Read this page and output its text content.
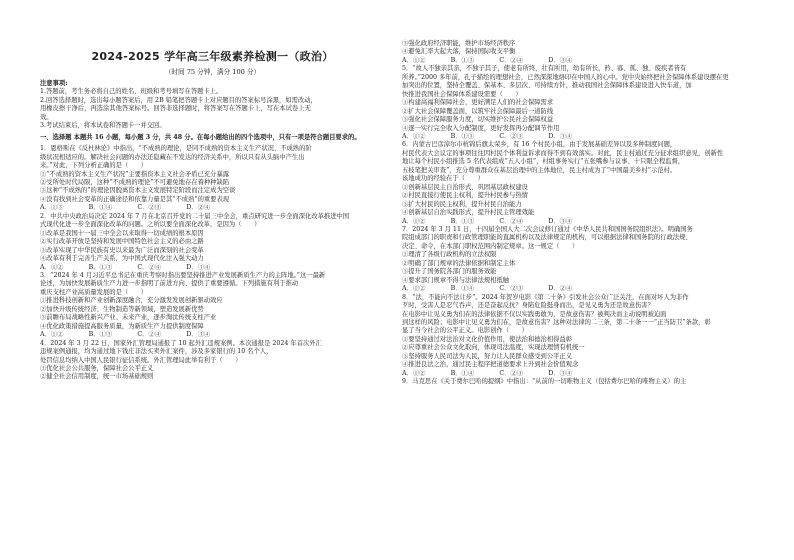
2024-2025 学年高三年级素养检测一（政治）
（时间 75 分钟，满分 100 分）

注意事项:

1.答题前，考生务必将自己的姓名、班级和考号填写在答题卡上。

2.回答选择题时，选出每小题答案后，用 2B 铅笔把答题卡上对应题目的答案标号涂黑，如需改动，

用橡皮擦干净后，再选涂其他答案标号。回答非选择题时，将答案写在答题卡上，写在本试卷上无

效。

3.考试结束后，将本试卷和答题卡一并交回。

一、选择题 本题共 16 小题，每小题 3 分，共 48 分。在每小题给出的四个选项中，只有一项是符合题目要求的。

1．恩格斯在《反杜林论》中指出，“不成熟的理论，是同不成熟的资本主义生产状况、不成熟的阶

级状况相适应的。解决社会问题的办法还隐藏在不发达的经济关系中，所以只有从头脑中产生出

来。”对此，下列分析正确的是（　　）

①“不成熟的资本主义生产状况”主要指资本主义社会矛盾已充分暴露

②受所处时代局限，这种“不成熟的理论”不可避免地存在着种种缺陷

③这种“不成熟的”的理论因脱离资本主义发展特定阶段而注定成为空谈

④没有找到社会变革的正确途径和依靠力量是其“不成熟”的重要表现

A．①③　　　　B．①④　　　　C．②③　　　　D．②④

2．中共中央政治局决定 2024 年 7 月在北京召开党的二十届三中全会，重点研究进一步全面深化改革推进中国

式现代化进一步全面深化改革的问题。之所以要全面深化改革，是因为（　　）

①改革是我国十一届三中全会以来取得一切成绩的根本原因

②实行改革开放是坚持和发展中国特色社会主义的必由之路

③改革实现了中华民族有史以来最为广泛而深刻的社会变革

④改革有利于完善生产关系，为中国式现代化注入强大动力

A．①②　　　　B．①③　　　　C．②④　　　　D．③④

3．“2024 年 4 月习近平总书记在重庆考察时指出要坚持推进产业发展新质生产力的主阵地。”这一最新

论述，为加快发展新质生产力进一步指明了前进方向、提供了重要遵循。下列措施有利于推动

重庆支柱产业高质量发展的是（　　）

①推进科技创新和产业创新深度融合，充分激发发展创新驱动效应

②加快升级传统经济、生物制造等新领域，塑造发展新优势

③前瞻布局战略性新兴产业、未来产业，逐步淘汰传统支柱产业

④优化政策措施提高服务质量，为新质生产力提供制度保障

A．①②　　　　B．①③　　　　C．②④　　　　D．③④

4．2024 年 3 月 22 日，国家外汇管理局通报了 10 起外汇违规案例。本次通报是 2024 年首次外汇

违规案例通报，均为通过地下钱庄非法买卖外汇案件，涉及多家银行的 10 名个人，

处罚信息均纳入中国人民银行征信系统。外汇管理局此举有利于（　　）

①优化社会公共服务，保障社会公平正义

②健全社会信用制度，统一市场基础规则

③强化政府经济职能，维护市场经济秩序

④避免汇率大起大落，保持国际收支平衡

A．①②　　　　B．①③　　　　C．②④　　　　D．③④

5．“故人不独亲其亲，不独子其子，使老有所终，壮有所用，幼有所长，矜、寡、孤、独、废疾者皆有

所养。”2000 多年前，孔子描绘的理想社会，已然深深地烙印在中国人的心中。党中央始终把社会保障体系建设摆在更

加突出的位置，坚持全覆盖、保基本、多层次、可持续方针，推动我国社会保障体系建设进入快车道，加

快推进我国社会保障体系建设需要（　　）

①构建高福利保障社会，更好满足人们的社会保障需求

②扩大社会保障覆盖面，以筑牢社会保障最后一道防线

③强化社会保障服务力度，切实维护公民社会保障权益

④逐一实行完全收入分配制度，更好发挥再分配调节作用

A．①②　　　　B．①③　　　　C．②③　　　　D．③④

6．内蒙古巴彦淖尔市杭锦后旗太荣乡，有 16 个村民小组，由于发展基础差异以及多种制度问题，

村民代表大会议定的事项往往因村民个体利益诉求而得不到有效落实。对此，民主村通过充分征求组织意见，创新性

地让每个村民小组推选 5 名代表组成“五人小组”，村组事务实行“五张嘴参与议事、十只眼全程监督，

五枝笔把关审查”，充分尊重群众在基层治理中的主体地位，民主村成为了“中国最美乡村”示范村。

该地成功的经验在于（　　）

①创新基层民主自治形式，巩固基层政权建设

②村民直接行使民主权利，提升村民参与热情

③扩大村民的民主权利，提升村民自治能力

④创新基层自治实践形式，提升村民主管理效能

A．①②　　　　B．①③　　　　C．②④　　　　D．③④

7．2024 年 3 月 11 日，十四届全国人大二次会议修订通过《中华人民共和国国务院组织法》。明确国务

院组成部门的职责和行政管理职能的直属机构以及法律规定的机构，可以根据法律和国务院的行政法规、

决定、命令，在本部门职权范围内制定规章。这一规定（　　）

①理清了各级行政机构的立法权限

②明确了部门规章的法律依据和制定主体

③提升了国务院各部门的服务效能

④要求部门规章不得与法律法规相抵触

A．①②　　　　B．①④　　　　C．②③　　　　D．②④

8．“法，不能向不法让步”。2024 年贺岁电影《第二十条》引发社会公众广泛关注，在面对坏人为非作

歹时，受害人是忍气吞声，还是奋起反抗？身陷危险挺身而出，是见义勇为还是故意伤害？

在电影中让见义勇为们在的法律依据不仅以实践勇敢为，是故意伤害？被判决而主动说明被迫面

到这样的风险；电影中让见义勇为们在，是故意伤害？这种对法律的二三条，第二十条一一“正当防卫”条款，彰

显了当今社会的公平正义。电影创作（　　）

①要坚持通过对法治对文化价值作用，使法治和德治相得益彰

②应尊重社会公众文化取向，体现司法温度，实现法理情有机统一

③坚持服务人民司法为人民，努力让人民群众感受到公平正义

④推进良法之治，通过民主程序把道德要求上升到社会价值观念

A．①②　　　　B．①④　　　　C．②③　　　　D．③④

9．马克思在《关于费尔巴哈的提纲》中指出：“从前的一切唯物主义（包括费尔巴哈的唯物主义）的主
